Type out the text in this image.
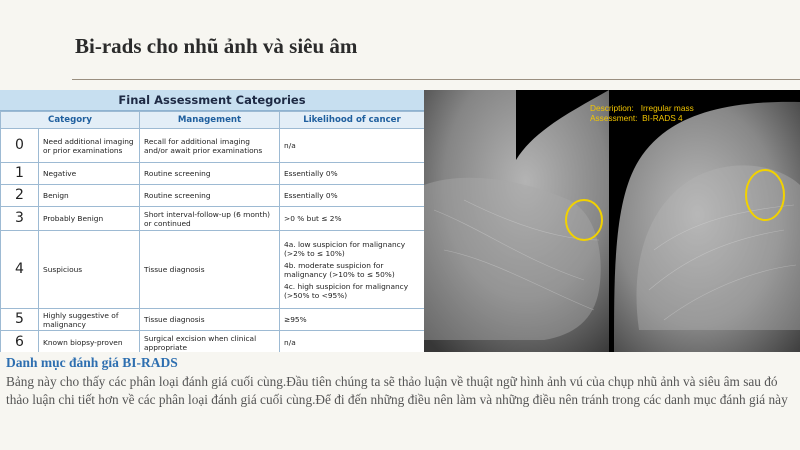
Bi-rads cho nhũ ảnh và siêu âm
Final Assessment Categories
Category		Management	Likelihood of cancer
0	Need additional imaging or prior examinations	Recall for additional imaging and/or await prior examinations	n/a
1	Negative	Routine screening	Essentially 0%
2	Benign	Routine screening	Essentially 0%
3	Probably Benign	Short interval-follow-up (6 month) or continued	>0 % but ≤ 2%
4	Suspicious	Tissue diagnosis	4a. low suspicion for malignancy (>2% to ≤ 10%)
4b. moderate suspicion for malignancy (>10% to ≤ 50%)
4c. high suspicion for malignancy (>50% to <95%)

5	Highly suggestive of malignancy	Tissue diagnosis	≥95%
6	Known biopsy-proven	Surgical excision when clinical appropriate	n/a
Description:   Irregular mass
Assessment:  BI-RADS 4
Danh mục đánh giá BI-RADS
Bảng này cho thấy các phân loại đánh giá cuối cùng.Đầu tiên chúng ta sẽ thảo luận về thuật ngữ hình ảnh vú của chụp nhũ ảnh và siêu âm sau đó thảo luận chi tiết hơn về các phân loại đánh giá cuối cùng.Để đi đến những điều nên làm và những điều nên tránh trong các danh mục đánh giá này
